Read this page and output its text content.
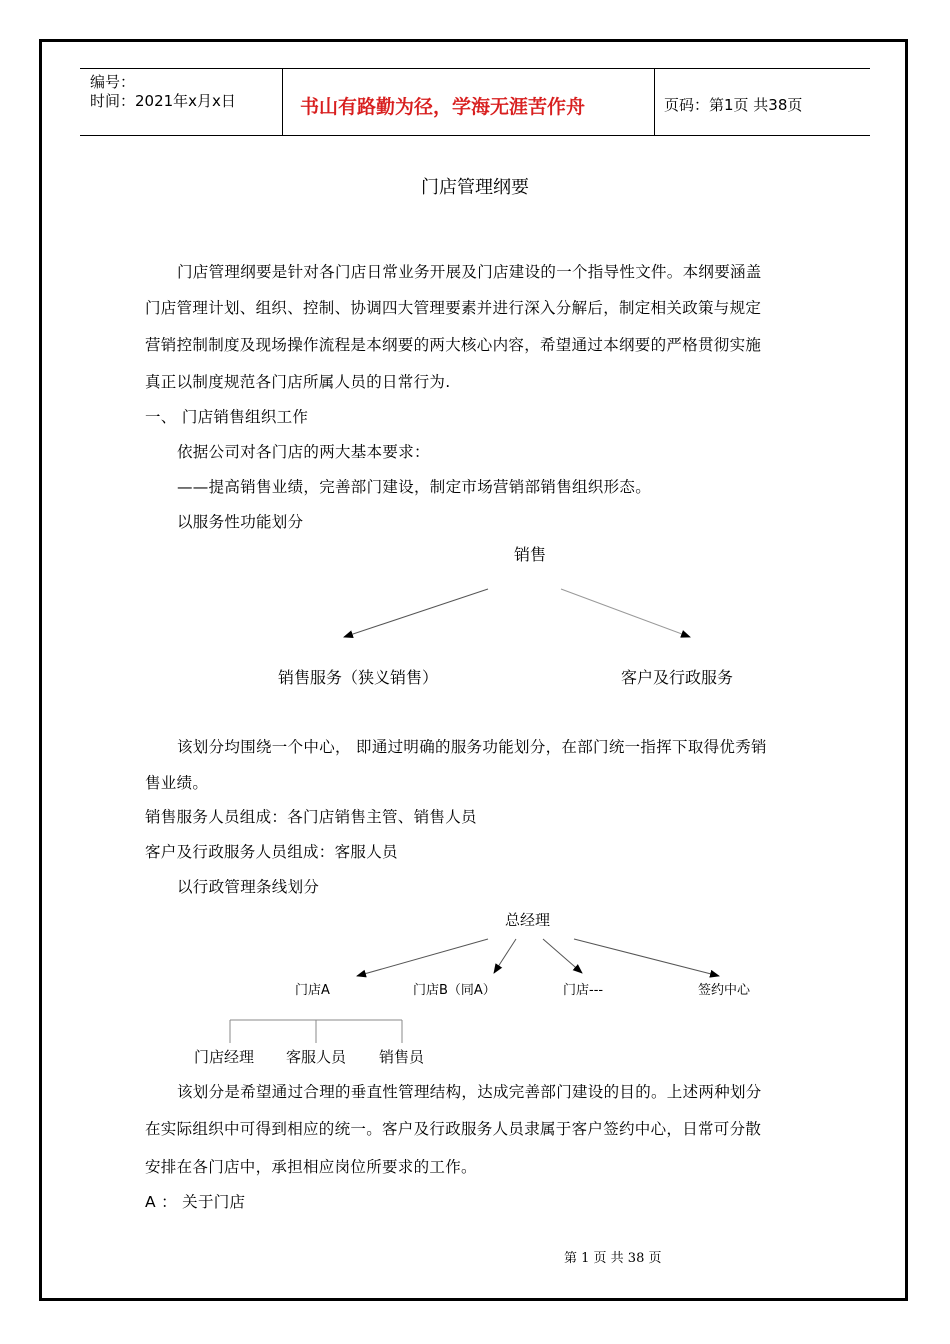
编号：
时间：2021年x月x日	书山有路勤为径，学海无涯苦作舟	页码：第1页 共38页
门店管理纲要
门店管理纲要是针对各门店日常业务开展及门店建设的一个指导性文件。本纲要涵盖
门店管理计划、组织、控制、协调四大管理要素并进行深入分解后，制定相关政策与规定
营销控制制度及现场操作流程是本纲要的两大核心内容，希望通过本纲要的严格贯彻实施
真正以制度规范各门店所属人员的日常行为.
一、 门店销售组织工作
依据公司对各门店的两大基本要求：
——提高销售业绩，完善部门建设，制定市场营销部销售组织形态。
以服务性功能划分
销售
销售服务（狭义销售）	客户及行政服务
该划分均围绕一个中心， 即通过明确的服务功能划分，在部门统一指挥下取得优秀销
售业绩。
销售服务人员组成：各门店销售主管、销售人员
客户及行政服务人员组成：客服人员
以行政管理条线划分
总经理
门店A	门店B（同A）	门店---	签约中心
门店经理 客服人员 销售员
该划分是希望通过合理的垂直性管理结构，达成完善部门建设的目的。上述两种划分
在实际组织中可得到相应的统一。客户及行政服务人员隶属于客户签约中心，日常可分散
安排在各门店中，承担相应岗位所要求的工作。
A ： 关于门店
第 1 页 共 38 页
